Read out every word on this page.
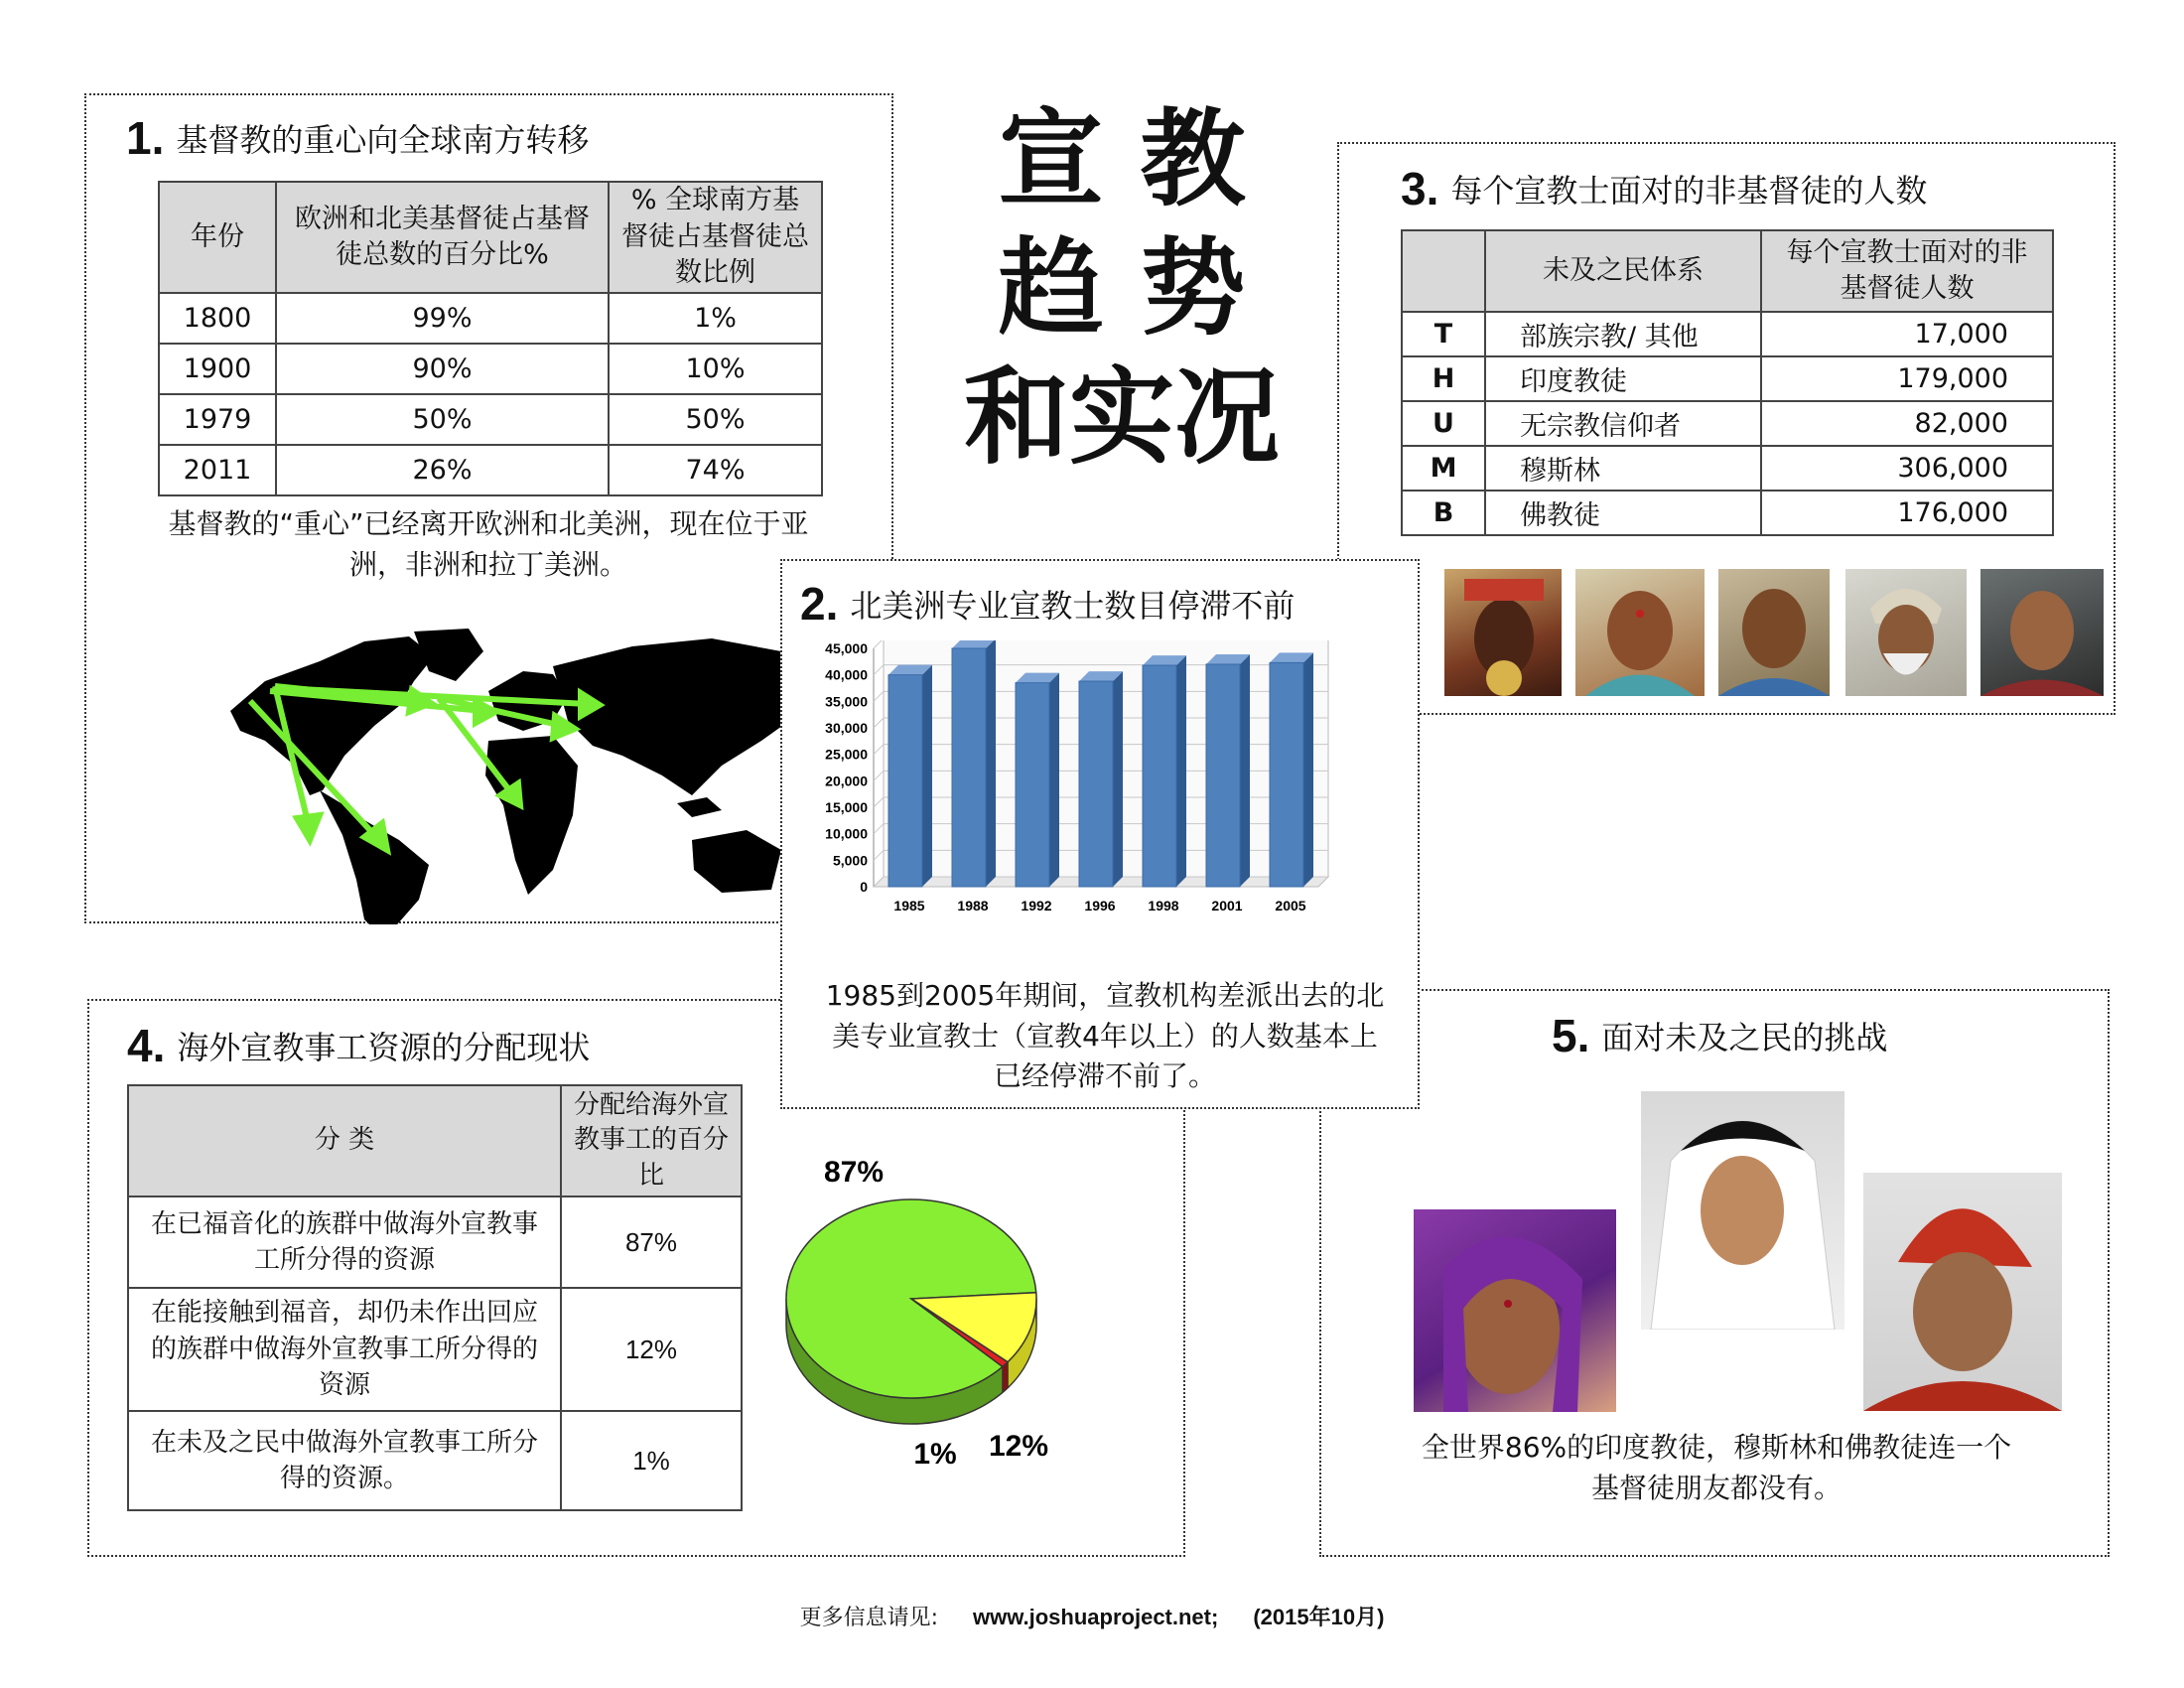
宣 教
趋 势
和实况
1. 基督教的重心向全球南方转移
年份	欧洲和北美基督徒占基督徒总数的百分比%	% 全球南方基督徒占基督徒总数比例
1800	99%	1%
1900	90%	10%
1979	50%	50%
2011	26%	74%
基督教的“重心”已经离开欧洲和北美洲，现在位于亚洲，非洲和拉丁美洲。
3. 每个宣教士面对的非基督徒的人数
	未及之民体系	每个宣教士面对的非基督徒人数
T	部族宗教/ 其他	17,000
H	印度教徒	179,000
U	无宗教信仰者	82,000
M	穆斯林	306,000
B	佛教徒	176,000
4. 海外宣教事工资源的分配现状
分 类	分配给海外宣教事工的百分比
在已福音化的族群中做海外宣教事工所分得的资源	87%
在能接触到福音，却仍未作出回应的族群中做海外宣教事工所分得的资源	12%
在未及之民中做海外宣教事工所分得的资源。	1%
87%
12%
1%
5. 面对未及之民的挑战
全世界86%的印度教徒，穆斯林和佛教徒连一个基督徒朋友都没有。
2. 北美洲专业宣教士数目停滞不前
0
5,000
10,000
15,000
20,000
25,000
30,000
35,000
40,000
45,000
1985 1988 1992 1996 1998 2001 2005
1985到2005年期间，宣教机构差派出去的北美专业宣教士（宣教4年以上）的人数基本上已经停滞不前了。
更多信息请见: www.joshuaproject.net; (2015年10月)
